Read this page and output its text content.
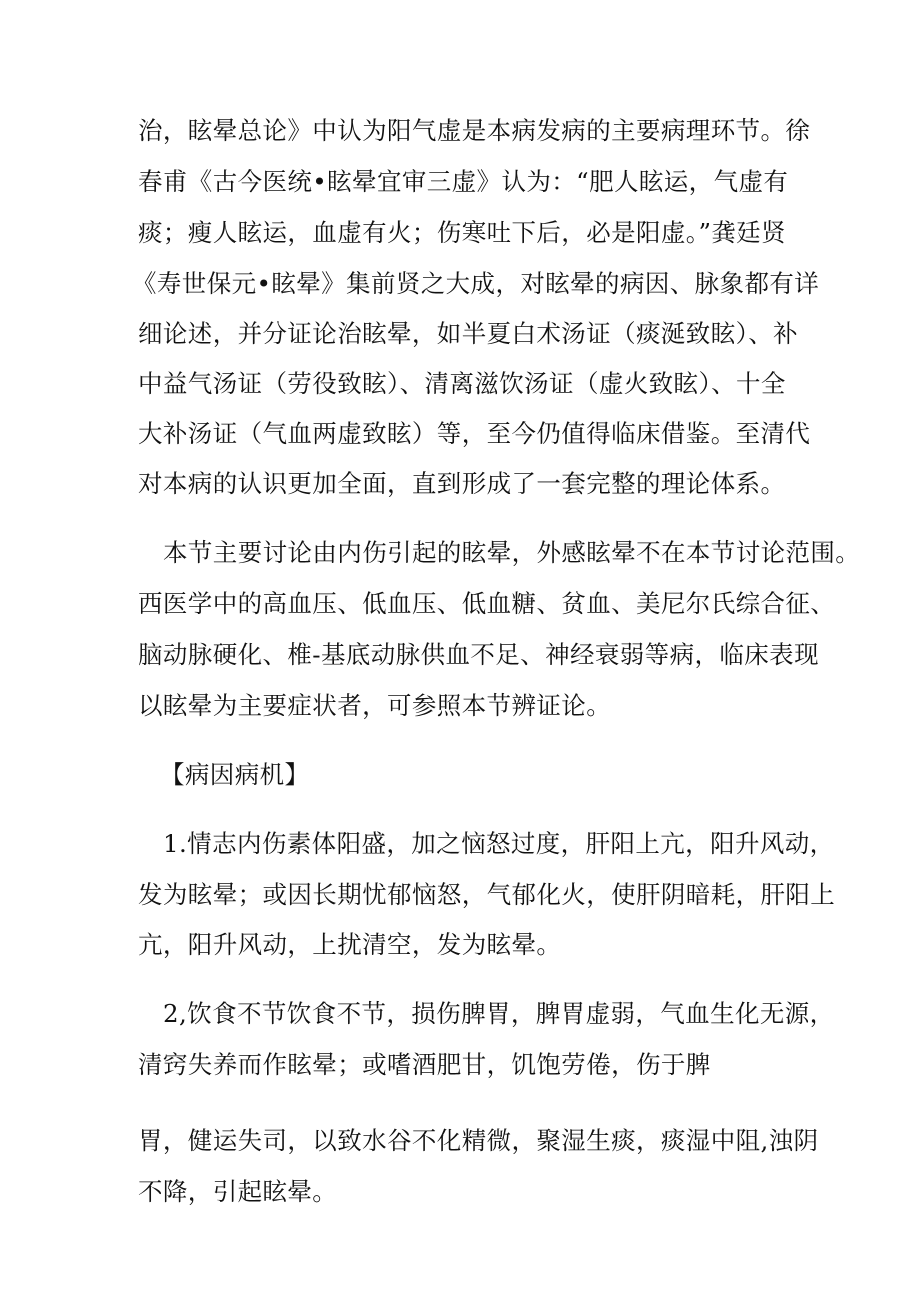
治，眩晕总论》中认为阳气虚是本病发病的主要病理环节。徐
春甫《古今医统•眩晕宜审三虚》认为：“肥人眩运，气虚有
痰；瘦人眩运，血虚有火；伤寒吐下后，必是阳虚。”龚廷贤
《寿世保元•眩晕》集前贤之大成，对眩晕的病因、脉象都有详
细论述，并分证论治眩晕，如半夏白术汤证（痰涎致眩）、补
中益气汤证（劳役致眩）、清离滋饮汤证（虚火致眩）、十全
大补汤证（气血两虚致眩）等，至今仍值得临床借鉴。至清代
对本病的认识更加全面，直到形成了一套完整的理论体系。
本节主要讨论由内伤引起的眩晕，外感眩晕不在本节讨论范围。
西医学中的高血压、低血压、低血糖、贫血、美尼尔氏综合征、
脑动脉硬化、椎-基底动脉供血不足、神经衰弱等病，临床表现
以眩晕为主要症状者，可参照本节辨证论。
【病因病机】
1.情志内伤素体阳盛，加之恼怒过度，肝阳上亢，阳升风动，
发为眩晕；或因长期忧郁恼怒，气郁化火，使肝阴暗耗，肝阳上
亢，阳升风动，上扰清空，发为眩晕。
2,饮食不节饮食不节，损伤脾胃，脾胃虚弱，气血生化无源，
清窍失养而作眩晕；或嗜酒肥甘，饥饱劳倦，伤于脾
胃，健运失司，以致水谷不化精微，聚湿生痰，痰湿中阻,浊阴
不降，引起眩晕。
